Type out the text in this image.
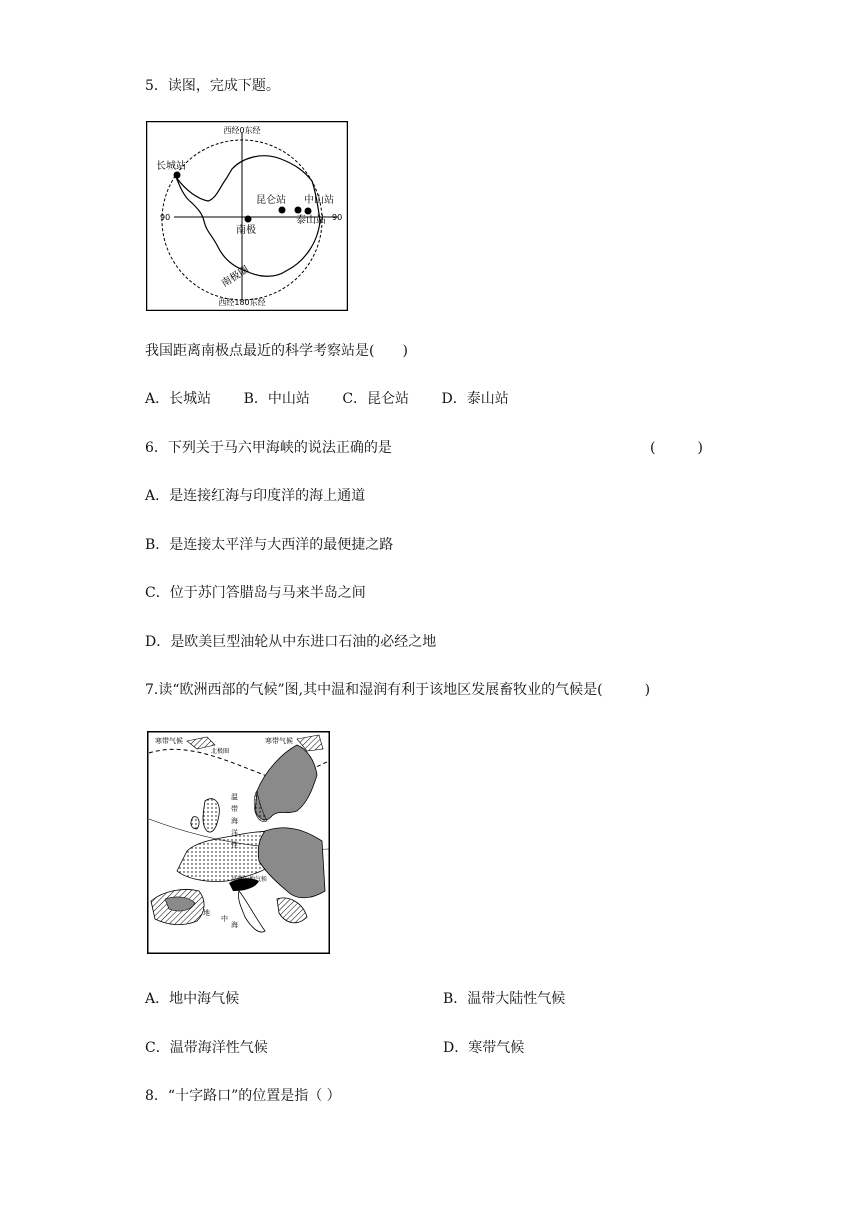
5．读图，完成下题。
西经0东经
西经180东经
90	90
长城站
昆仑站 中山站
泰山站
南极
南极圈
我国距离南极点最近的科学考察站是(　　)
A．长城站 B．中山站 C．昆仑站 D．泰山站
6．下列关于马六甲海峡的说法正确的是	(　　　)
A．是连接红海与印度洋的海上通道
B．是连接太平洋与大西洋的最便捷之路
C．位于苏门答腊岛与马来半岛之间
D．是欧美巨型油轮从中东进口石油的必经之地
7.读“欧洲西部的气候”图,其中温和湿润有利于该地区发展畜牧业的气候是(　　　)
寒带气候	寒带气候
北极圈
高原山地气候
温
带
海
洋
性
地
中
海
A．地中海气候	B．温带大陆性气候
C．温带海洋性气候	D．寒带气候
8．“十字路口”的位置是指（ ）
